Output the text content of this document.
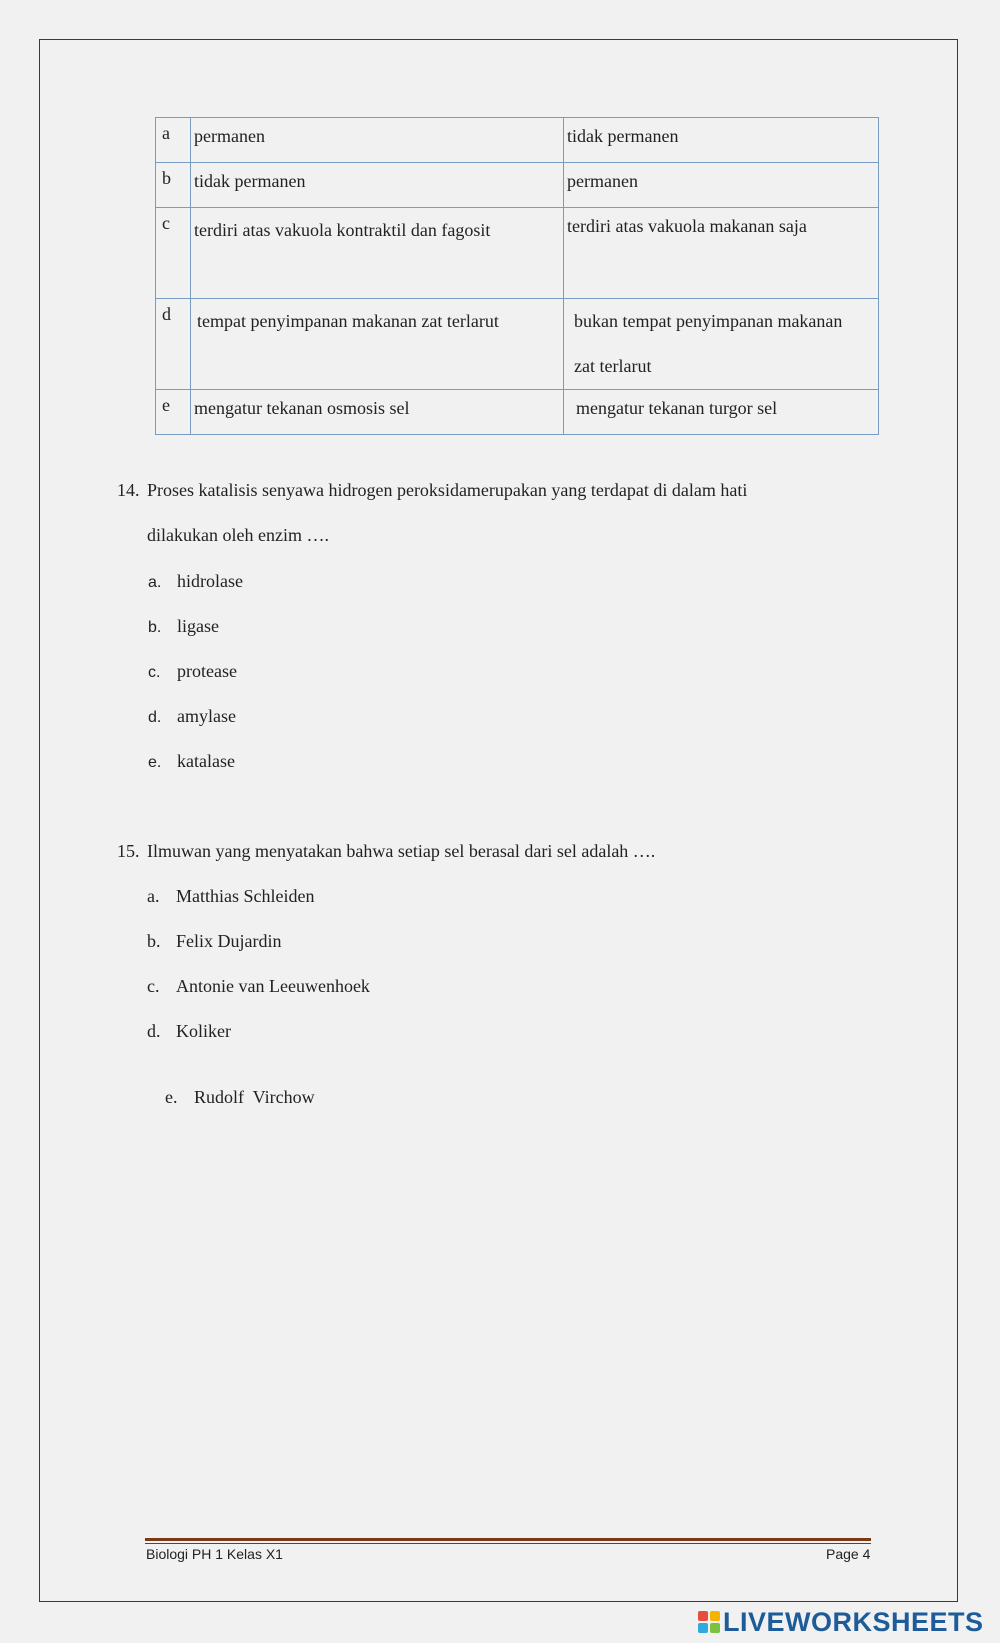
a	permanen	tidak permanen
b	tidak permanen	permanen
c	terdiri atas vakuola kontraktil dan fagosit	terdiri atas vakuola makanan saja
d	tempat penyimpanan makanan zat terlarut	bukan tempat penyimpanan makanan zat terlarut
e	mengatur tekanan osmosis sel	mengatur tekanan turgor sel
14. Proses katalisis senyawa hidrogen peroksidamerupakan yang terdapat di dalam hati
dilakukan oleh enzim ….
a. hidrolase
b. ligase
c. protease
d. amylase
e. katalase
15. Ilmuwan yang menyatakan bahwa setiap sel berasal dari sel adalah ….
a. Matthias Schleiden
b. Felix Dujardin
c. Antonie van Leeuwenhoek
d. Koliker

e. Rudolf  Virchow

Biologi PH 1 Kelas X1	Page 4
LIVEWORKSHEETS
